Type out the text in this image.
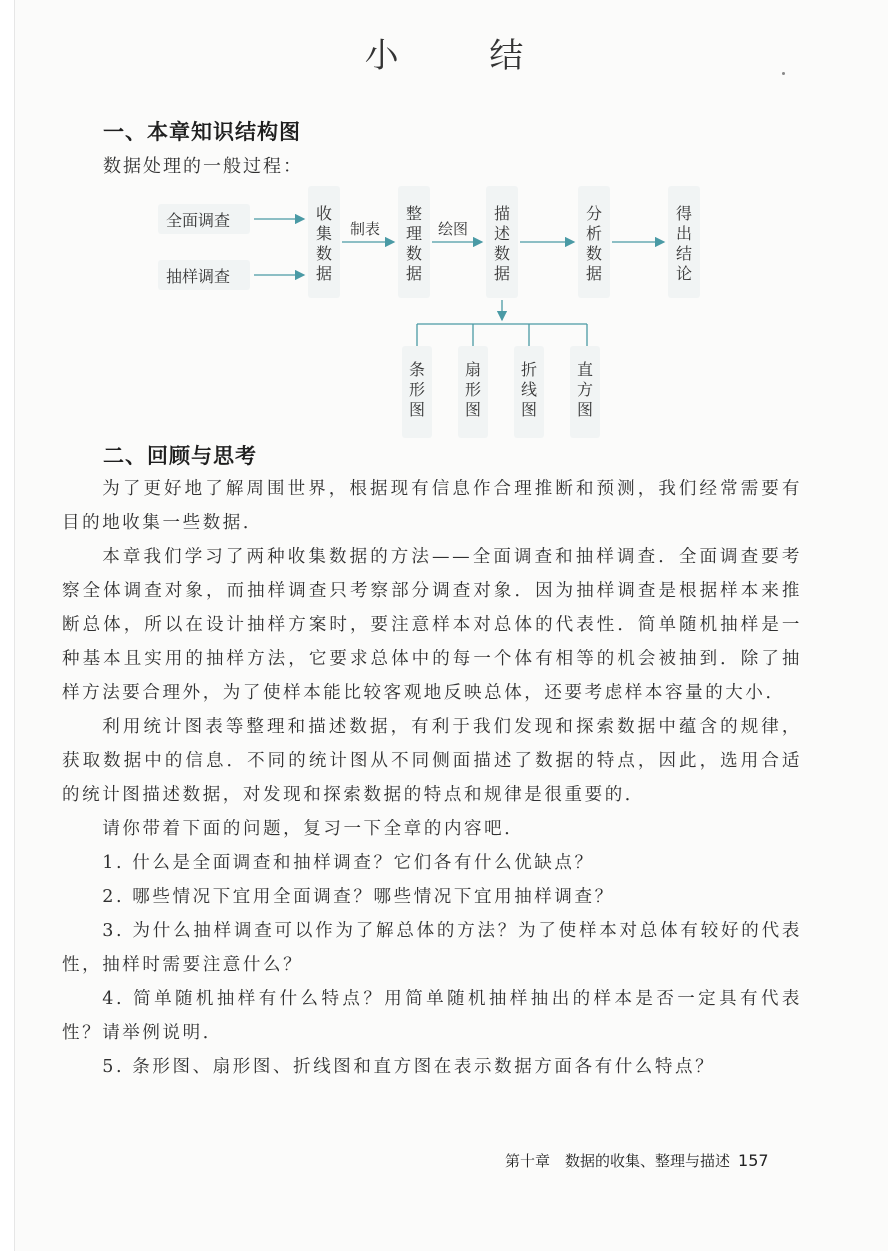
小 结
一、本章知识结构图
数据处理的一般过程：
全面调查
抽样调查
收集数据
制表
整理数据
绘图
描述数据
分析数据
得出结论
条形图
扇形图
折线图
直方图
二、回顾与思考

为了更好地了解周围世界，根据现有信息作合理推断和预测，我们经常需要有目的地收集一些数据．

本章我们学习了两种收集数据的方法——全面调查和抽样调查．全面调查要考察全体调查对象，而抽样调查只考察部分调查对象．因为抽样调查是根据样本来推断总体，所以在设计抽样方案时，要注意样本对总体的代表性．简单随机抽样是一种基本且实用的抽样方法，它要求总体中的每一个体有相等的机会被抽到．除了抽样方法要合理外，为了使样本能比较客观地反映总体，还要考虑样本容量的大小．

利用统计图表等整理和描述数据，有利于我们发现和探索数据中蕴含的规律，获取数据中的信息．不同的统计图从不同侧面描述了数据的特点，因此，选用合适的统计图描述数据，对发现和探索数据的特点和规律是很重要的．

请你带着下面的问题，复习一下全章的内容吧．

1. 什么是全面调查和抽样调查？它们各有什么优缺点？

2. 哪些情况下宜用全面调查？哪些情况下宜用抽样调查？

3. 为什么抽样调查可以作为了解总体的方法？为了使样本对总体有较好的代表性，抽样时需要注意什么？

4. 简单随机抽样有什么特点？用简单随机抽样抽出的样本是否一定具有代表性？请举例说明．

5. 条形图、扇形图、折线图和直方图在表示数据方面各有什么特点？

第十章　数据的收集、整理与描述 157
